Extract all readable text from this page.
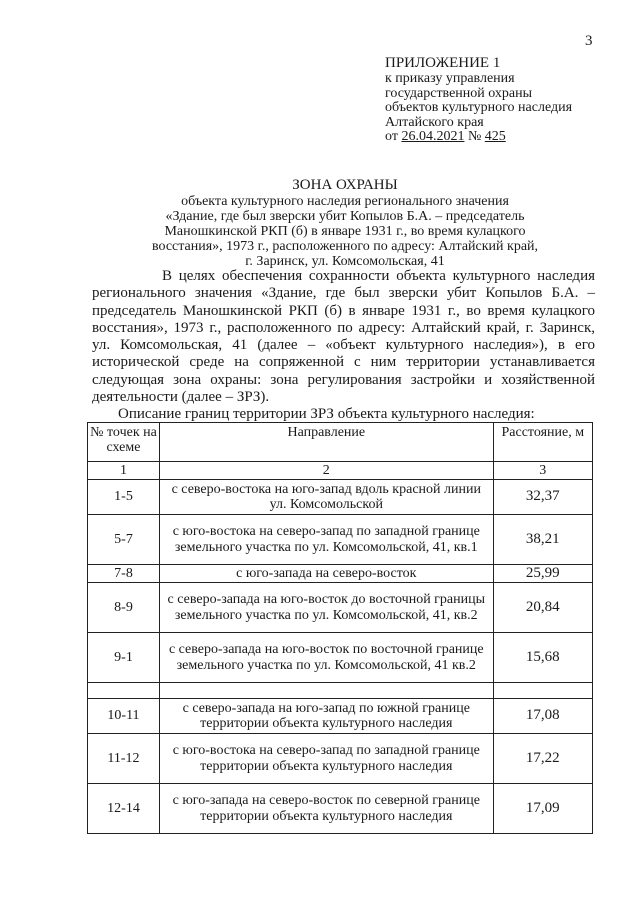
3
ПРИЛОЖЕНИЕ 1
к приказу управления
государственной охраны
объектов культурного наследия
Алтайского края
от 26.04.2021 № 425
ЗОНА ОХРАНЫ
объекта культурного наследия регионального значения
«Здание, где был зверски убит Копылов Б.А. – председатель
Маношкинской РКП (б) в январе 1931 г., во время кулацкого
восстания», 1973 г., расположенного по адресу: Алтайский край,
г. Заринск, ул. Комсомольская, 41
В целях обеспечения сохранности объекта культурного наследия
регионального значения «Здание, где был зверски убит Копылов Б.А. –
председатель Маношкинской РКП (б) в январе 1931 г., во время кулацкого
восстания», 1973 г., расположенного по адресу: Алтайский край, г. Заринск,
ул. Комсомольская, 41 (далее – «объект культурного наследия»), в его
исторической среде на сопряженной с ним территории устанавливается
следующая зона охраны: зона регулирования застройки и хозяйственной
деятельности (далее – ЗРЗ).
Описание границ территории ЗРЗ объекта культурного наследия:
№ точек на схеме	Направление	Расстояние, м
1	2	3
1-5	с северо-востока на юго-запад вдоль красной линии ул. Комсомольской	32,37
5-7	с юго-востока на северо-запад по западной границе земельного участка по ул. Комсомольской, 41, кв.1	38,21
7-8	с юго-запада на северо-восток	25,99
8-9	с северо-запада на юго-восток до восточной границы земельного участка по ул. Комсомольской, 41, кв.2	20,84
9-1	с северо-запада на юго-восток по восточной границе земельного участка по ул. Комсомольской, 41 кв.2	15,68

10-11	с северо-запада на юго-запад по южной границе территории объекта культурного наследия	17,08
11-12	с юго-востока на северо-запад по западной границе территории объекта культурного наследия	17,22
12-14	с юго-запада на северо-восток по северной границе территории объекта культурного наследия	17,09
